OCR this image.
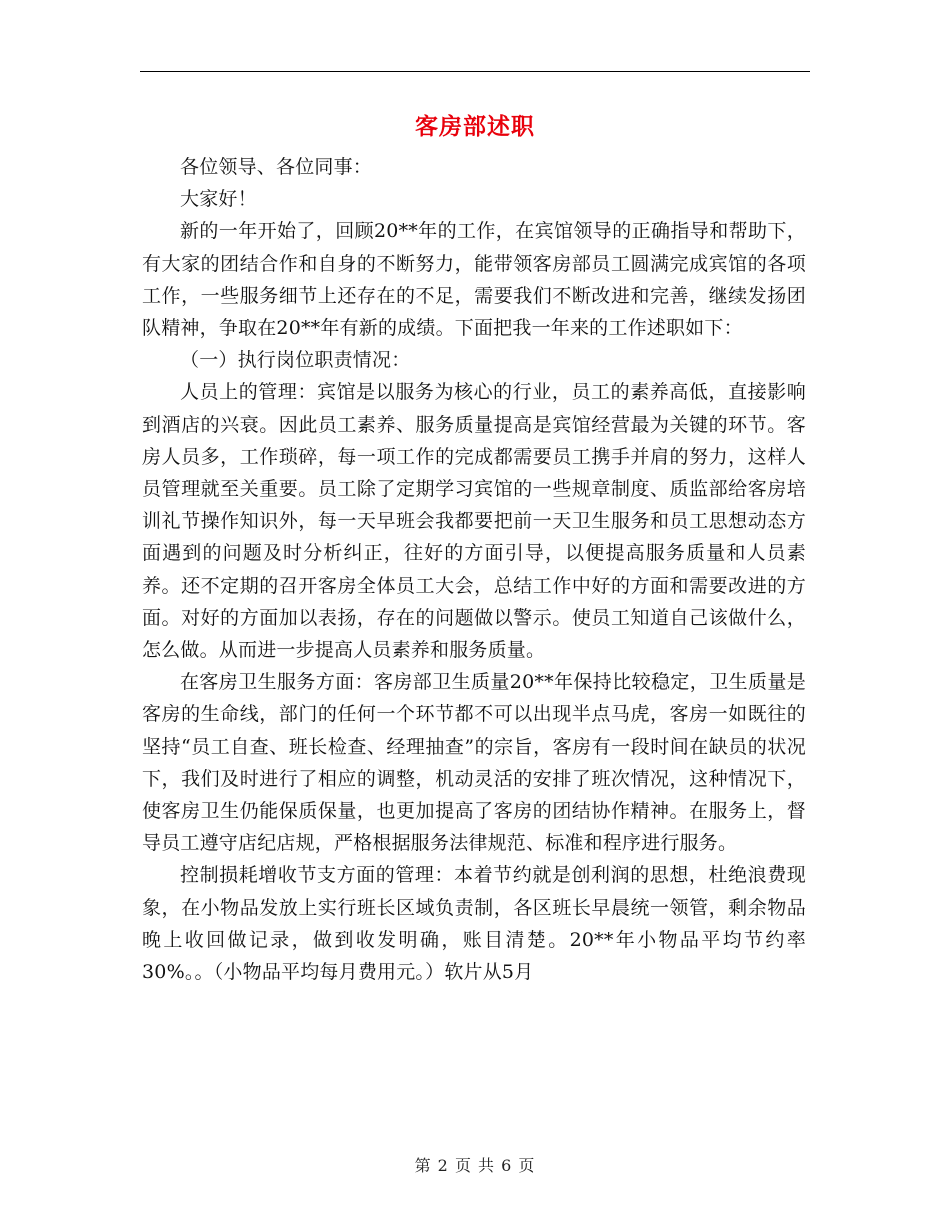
客房部述职

各位领导、各位同事：

大家好！

新的一年开始了，回顾20**年的工作，在宾馆领导的正确指导和帮助下，有大家的团结合作和自身的不断努力，能带领客房部员工圆满完成宾馆的各项工作，一些服务细节上还存在的不足，需要我们不断改进和完善，继续发扬团队精神，争取在20**年有新的成绩。下面把我一年来的工作述职如下：

（一）执行岗位职责情况：

人员上的管理：宾馆是以服务为核心的行业，员工的素养高低，直接影响到酒店的兴衰。因此员工素养、服务质量提高是宾馆经营最为关键的环节。客房人员多，工作琐碎，每一项工作的完成都需要员工携手并肩的努力，这样人员管理就至关重要。员工除了定期学习宾馆的一些规章制度、质监部给客房培训礼节操作知识外，每一天早班会我都要把前一天卫生服务和员工思想动态方面遇到的问题及时分析纠正，往好的方面引导，以便提高服务质量和人员素养。还不定期的召开客房全体员工大会，总结工作中好的方面和需要改进的方面。对好的方面加以表扬，存在的问题做以警示。使员工知道自己该做什么，怎么做。从而进一步提高人员素养和服务质量。

在客房卫生服务方面：客房部卫生质量20**年保持比较稳定，卫生质量是客房的生命线，部门的任何一个环节都不可以出现半点马虎，客房一如既往的坚持“员工自查、班长检查、经理抽查”的宗旨，客房有一段时间在缺员的状况下，我们及时进行了相应的调整，机动灵活的安排了班次情况，这种情况下，使客房卫生仍能保质保量，也更加提高了客房的团结协作精神。在服务上，督导员工遵守店纪店规，严格根据服务法律规范、标准和程序进行服务。

控制损耗增收节支方面的管理：本着节约就是创利润的思想，杜绝浪费现象，在小物品发放上实行班长区域负责制，各区班长早晨统一领管，剩余物品晚上收回做记录，做到收发明确，账目清楚。20**年小物品平均节约率30%。。（小物品平均每月费用元。）软片从5月

第 2 页 共 6 页
